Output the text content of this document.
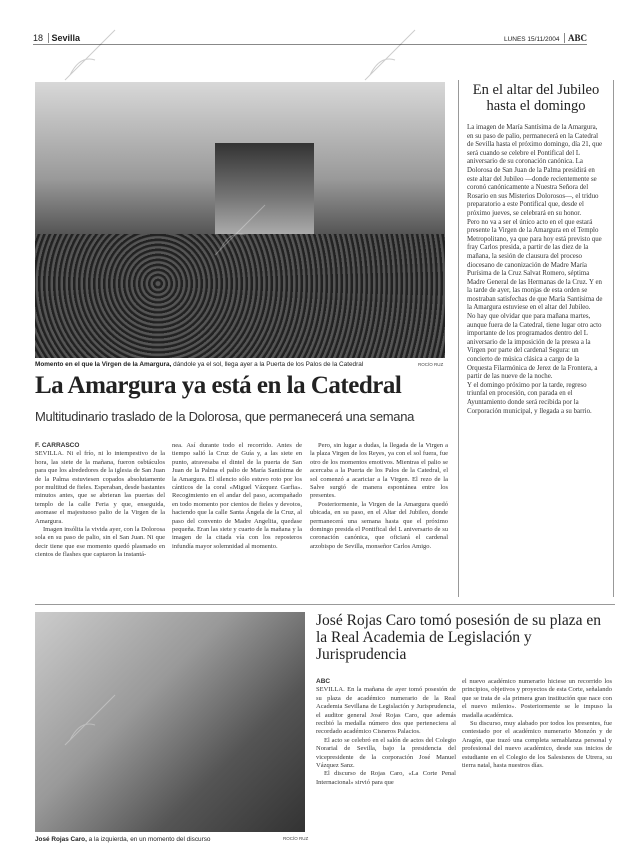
18 Sevilla	LUNES 15/11/2004 ABC
Momento en el que la Virgen de la Amargura, dándole ya el sol, llega ayer a la Puerta de los Palos de la Catedral	ROCÍO RUZ
La Amargura ya está en la Catedral
Multitudinario traslado de la Dolorosa, que permanecerá una semana
F. CARRASCO

SEVILLA. Ni el frío, ni lo intempestivo de la hora, las siete de la mañana, fueron osbtáculos para que los alrededores de la iglesia de San Juan de la Palma estuviesen copados absolutamente por multitud de fieles. Esperaban, desde bastantes minutos antes, que se abrieran las puertas del templo de la calle Feria y que, enseguida, asomase el majestuoso palio de la Virgen de la Amargura.

Imagen insólita la vivida ayer, con la Dolorosa sola en su paso de palio, sin el San Juan. Ni que decir tiene que ese momento quedó plasmado en cientos de flashes que captaron la instantá-

nea. Así durante todo el recorrido. Antes de tiempo salió la Cruz de Guía y, a las siete en punto, atravesaba el dintel de la puerta de San Juan de la Palma el palio de María Santísima de la Amargura. El silencio sólo estuvo roto por los cánticos de la coral «Miguel Vázquez Garfia». Recogimiento en el andar del paso, acompañado en todo momento por cientos de fieles y devotos, haciendo que la calle Santa Ángela de la Cruz, al paso del convento de Madre Angelita, quedase pequeña. Eran las siete y cuarto de la mañana y la imagen de la citada vía con los reposteros infundía mayor solemnidad al momento.

Pero, sin lugar a dudas, la llegada de la Virgen a la plaza Virgen de los Reyes, ya con el sol fuera, fue otro de los momentos emotivos. Mientras el palio se acercaba a la Puerta de los Palos de la Catedral, el sol comenzó a acariciar a la Virgen. El rezo de la Salve surgió de manera espontánea entre los presentes.

Posteriormente, la Virgen de la Amargura quedó ubicada, en su paso, en el Altar del Jubileo, donde permanecerá una semana hasta que el próximo domingo presida el Pontifical del L aniversario de su coronación canónica, que oficiará el cardenal arzobispo de Sevilla, monseñor Carlos Amigo.

En el altar del Jubileo hasta el domingo

La imagen de María Santísima de la Amargura, en su paso de palio, permanecerá en la Catedral de Sevilla hasta el próximo domingo, día 21, que será cuando se celebre el Pontifical del L aniversario de su coronación canónica. La Dolorosa de San Juan de la Palma presidirá en este altar del Jubileo —donde recientemente se coronó canónicamente a Nuestra Señora del Rosario en sus Misterios Dolorosos—, el triduo preparatorio a este Pontifical que, desde el próximo jueves, se celebrará en su honor.

Pero no va a ser el único acto en el que estará presente la Virgen de la Amargura en el Templo Metropolitano, ya que para hoy está previsto que fray Carlos presida, a partir de las diez de la mañana, la sesión de clausura del proceso diocesano de canonización de Madre María Purísima de la Cruz Salvat Romero, séptima Madre General de las Hermanas de la Cruz. Y en la tarde de ayer, las monjas de esta orden se mostraban satisfechas de que María Santísima de la Amargura estuviese en el altar del Jubileo.

No hay que olvidar que para mañana martes, aunque fuera de la Catedral, tiene lugar otro acto importante de los programados dentro del L aniversario de la imposición de la presea a la Virgen por parte del cardenal Segura: un concierto de música clásica a cargo de la Orquesta Filarmónica de Jerez de la Frontera, a partir de las nueve de la noche.

Y el domingo próximo por la tarde, regreso triunfal en procesión, con parada en el Ayuntamiento donde será recibida por la Corporación municipal, y llegada a su barrio.

José Rojas Caro, a la izquierda, en un momento del discurso	ROCÍO RUZ
José Rojas Caro tomó posesión de su plaza en la Real Academia de Legislación y Jurisprudencia
ABC

SEVILLA. En la mañana de ayer tomó posesión de su plaza de académico numerario de la Real Academia Sevillana de Legislación y Jurisprudencia, el auditor general José Rojas Caro, que además recibió la medalla número dos que perteneciera al recordado académico Cisneros Palacios.

El acto se celebró en el salón de actos del Colegio Norarial de Sevilla, bajo la presidencia del vicepresidente de la corporación José Manuel Vázquez Sanz.

El discurso de Rojas Caro, «La Corte Penal Internacional» sirvió para que

el nuevo académico numerario hiciese un recorrido los principios, objetivos y proyectos de esta Corte, señalando que se trata de «la primera gran institución que nace con el nuevo milenio». Posteriormente se le impuso la madalla académica.

Su discurso, muy alabado por todos los presentes, fue contestado por el académico numerario Monzón y de Aragón, que trazó una completa semablanza personal y profesional del nuevo académico, desde sus inicios de estudiante en el Colegio de los Salesisnos de Utrera, su tierra natal, hasta nuestros días.
